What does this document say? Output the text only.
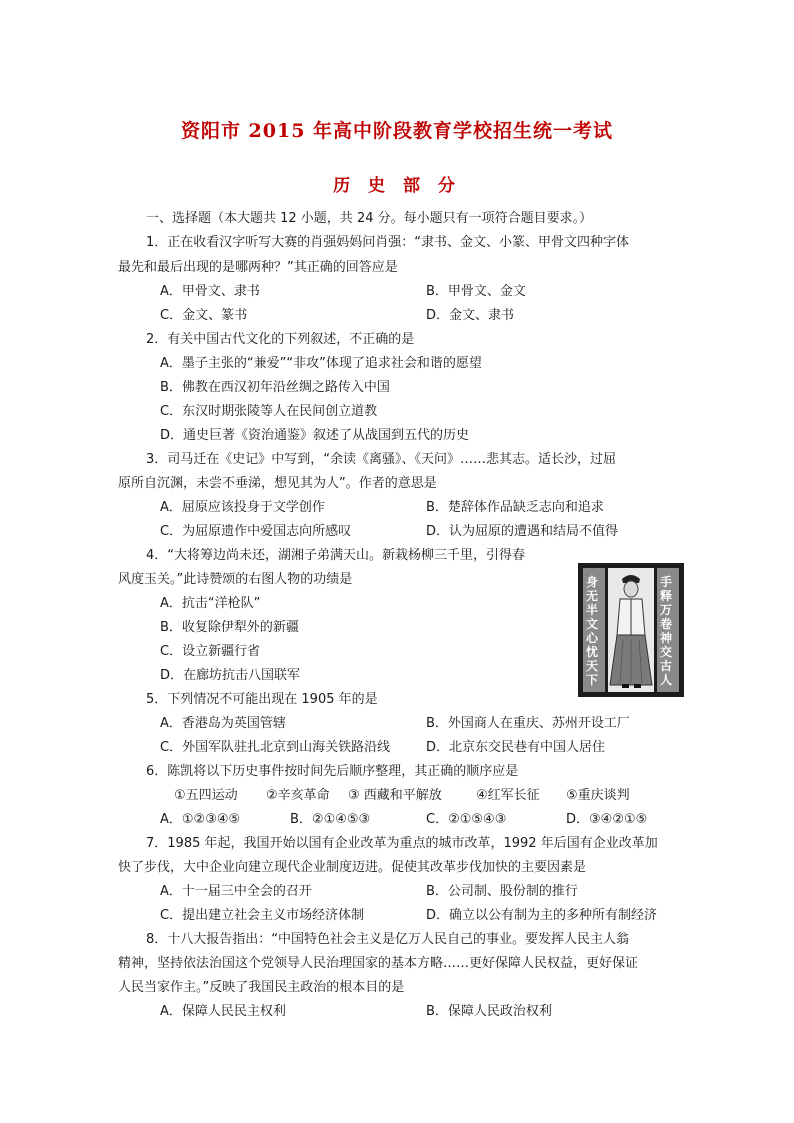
资阳市 2015 年高中阶段教育学校招生统一考试
历 史 部 分
一、选择题（本大题共 12 小题，共 24 分。每小题只有一项符合题目要求。）
1．正在收看汉字听写大赛的肖强妈妈问肖强：“隶书、金文、小篆、甲骨文四种字体
最先和最后出现的是哪两种？”其正确的回答应是
A．甲骨文、隶书	B．甲骨文、金文
C．金文、篆书	D．金文、隶书
2．有关中国古代文化的下列叙述，不正确的是
A．墨子主张的“兼爱”“非攻”体现了追求社会和谐的愿望
B．佛教在西汉初年沿丝绸之路传入中国
C．东汉时期张陵等人在民间创立道教
D．通史巨著《资治通鉴》叙述了从战国到五代的历史
3．司马迁在《史记》中写到，“余读《离骚》、《天问》……悲其志。适长沙，过屈
原所自沉渊，未尝不垂涕，想见其为人”。作者的意思是
A．屈原应该投身于文学创作	B．楚辞体作品缺乏志向和追求
C．为屈原遗作中爱国志向所感叹	D．认为屈原的遭遇和结局不值得
4．“大将筹边尚未还，湖湘子弟满天山。新栽杨柳三千里，引得春
风度玉关。”此诗赞颂的右图人物的功绩是
A．抗击“洋枪队”
B．收复除伊犁外的新疆
C．设立新疆行省
D．在廊坊抗击八国联军
身无半文 心忧天下
手释万卷 神交古人
5．下列情况不可能出现在 1905 年的是
A．香港岛为英国管辖	B．外国商人在重庆、苏州开设工厂
C．外国军队驻扎北京到山海关铁路沿线	D．北京东交民巷有中国人居住
6．陈凯将以下历史事件按时间先后顺序整理，其正确的顺序应是
①五四运动 ②辛亥革命 ③ 西藏和平解放	④红军长征 ⑤重庆谈判
A．①②③④⑤	B．②①④⑤③	C．②①⑤④③	D．③④②①⑤
7．1985 年起，我国开始以国有企业改革为重点的城市改革，1992 年后国有企业改革加
快了步伐，大中企业向建立现代企业制度迈进。促使其改革步伐加快的主要因素是
A．十一届三中全会的召开	B．公司制、股份制的推行
C．提出建立社会主义市场经济体制	D．确立以公有制为主的多种所有制经济
8．十八大报告指出：“中国特色社会主义是亿万人民自己的事业。要发挥人民主人翁
精神，坚持依法治国这个党领导人民治理国家的基本方略……更好保障人民权益，更好保证
人民当家作主。”反映了我国民主政治的根本目的是
A．保障人民民主权利	B．保障人民政治权利
